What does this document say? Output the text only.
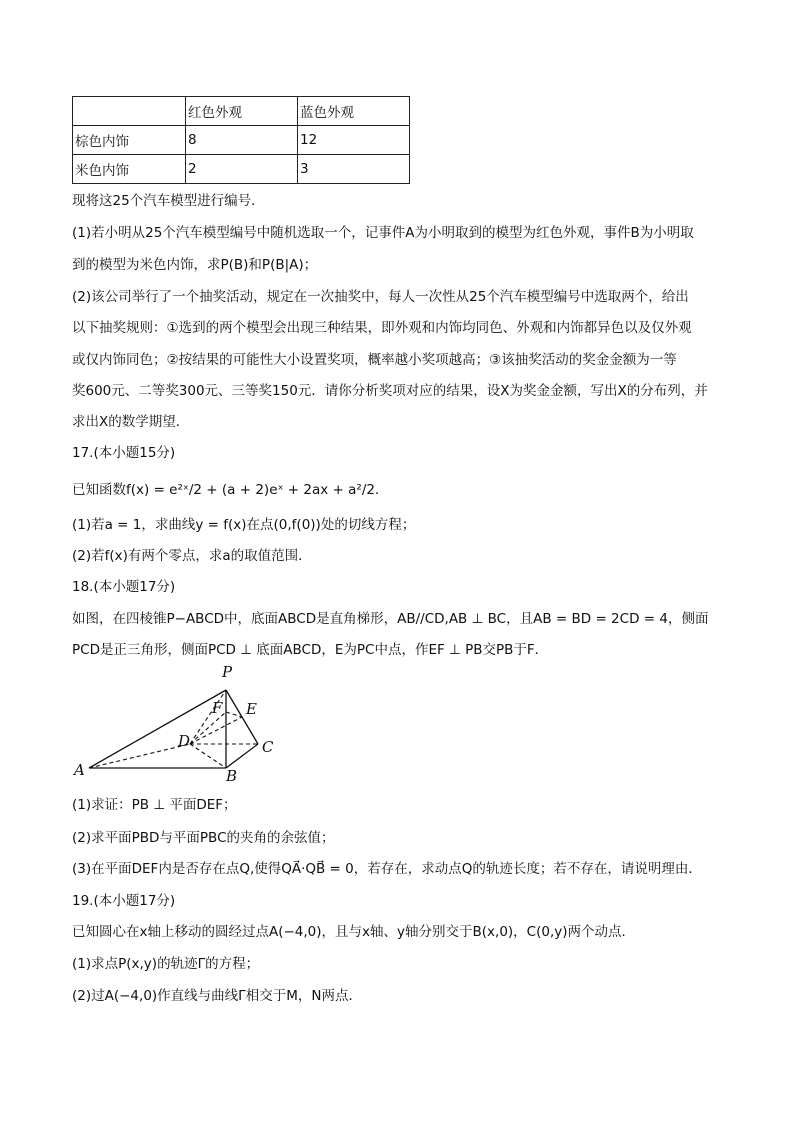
	红色外观	蓝色外观
棕色内饰	8	12
米色内饰	2	3
现将这25个汽车模型进行编号．
(1)若小明从25个汽车模型编号中随机选取一个，记事件A为小明取到的模型为红色外观，事件B为小明取
到的模型为米色内饰，求P(B)和P(B|A)；
(2)该公司举行了一个抽奖活动，规定在一次抽奖中，每人一次性从25个汽车模型编号中选取两个，给出
以下抽奖规则：①选到的两个模型会出现三种结果，即外观和内饰均同色、外观和内饰都异色以及仅外观
或仅内饰同色；②按结果的可能性大小设置奖项，概率越小奖项越高；③该抽奖活动的奖金金额为一等
奖600元、二等奖300元、三等奖150元．请你分析奖项对应的结果，设X为奖金金额，写出X的分布列，并
求出X的数学期望．
17.(本小题15分)
已知函数f(x) = e²ˣ/2 + (a + 2)eˣ + 2ax + a²/2．
(1)若a = 1，求曲线y = f(x)在点(0,f(0))处的切线方程；
(2)若f(x)有两个零点，求a的取值范围．
18.(本小题17分)
如图，在四棱锥P−ABCD中，底面ABCD是直角梯形，AB//CD,AB ⊥ BC，且AB = BD = 2CD = 4，侧面
PCD是正三角形，侧面PCD ⊥ 底面ABCD，E为PC中点，作EF ⊥ PB交PB于F．
P
F E
D	C
A	B
(1)求证：PB ⊥ 平面DEF；
(2)求平面PBD与平面PBC的夹角的余弦值；
(3)在平面DEF内是否存在点Q,使得QA⃗·QB⃗ = 0，若存在，求动点Q的轨迹长度；若不存在，请说明理由．
19.(本小题17分)
已知圆心在x轴上移动的圆经过点A(−4,0)，且与x轴、y轴分别交于B(x,0)，C(0,y)两个动点．
(1)求点P(x,y)的轨迹Γ的方程；
(2)过A(−4,0)作直线与曲线Γ相交于M，N两点．
